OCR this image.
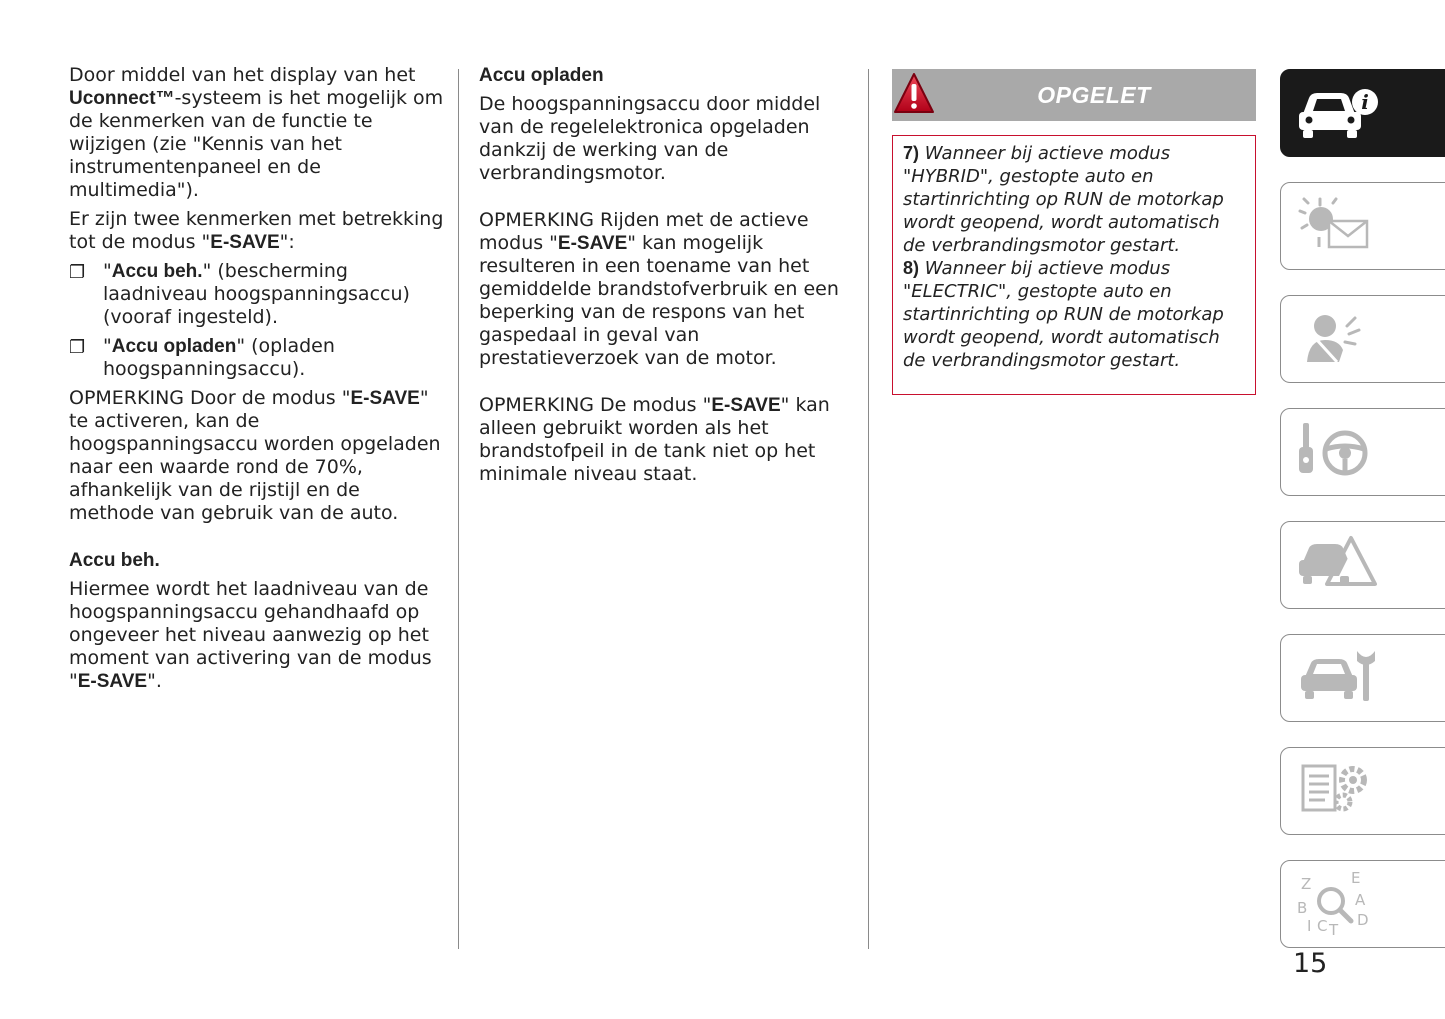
Door middel van het display van het Uconnect™-systeem is het mogelijk om de kenmerken van de functie te wijzigen (zie "Kennis van het instrumentenpaneel en de multimedia").

Er zijn twee kenmerken met betrekking tot de modus "E-SAVE":

❐ "Accu beh." (bescherming laadniveau hoogspanningsaccu) (vooraf ingesteld).
❐ "Accu opladen" (opladen hoogspanningsaccu).

OPMERKING Door de modus "E-SAVE" te activeren, kan de hoogspanningsaccu worden opgeladen naar een waarde rond de 70%, afhankelijk van de rijstijl en de methode van gebruik van de auto.

Accu beh.

Hiermee wordt het laadniveau van de hoogspanningsaccu gehandhaafd op ongeveer het niveau aanwezig op het moment van activering van de modus "E-SAVE".

Accu opladen

De hoogspanningsaccu door middel van de regelelektronica opgeladen dankzij de werking van de verbrandingsmotor.

OPMERKING Rijden met de actieve modus "E-SAVE" kan mogelijk resulteren in een toename van het gemiddelde brandstofverbruik en een beperking van de respons van het gaspedaal in geval van prestatieverzoek van de motor.

OPMERKING De modus "E-SAVE" kan alleen gebruikt worden als het brandstofpeil in de tank niet op het minimale niveau staat.

OPGELET

7) Wanneer bij actieve modus "HYBRID", gestopte auto en startinrichting op RUN de motorkap wordt geopend, wordt automatisch de verbrandingsmotor gestart.

8) Wanneer bij actieve modus "ELECTRIC", gestopte auto en startinrichting op RUN de motorkap wordt geopend, wordt automatisch de verbrandingsmotor gestart.

i
Z	E
B	A
I C T
D
15
